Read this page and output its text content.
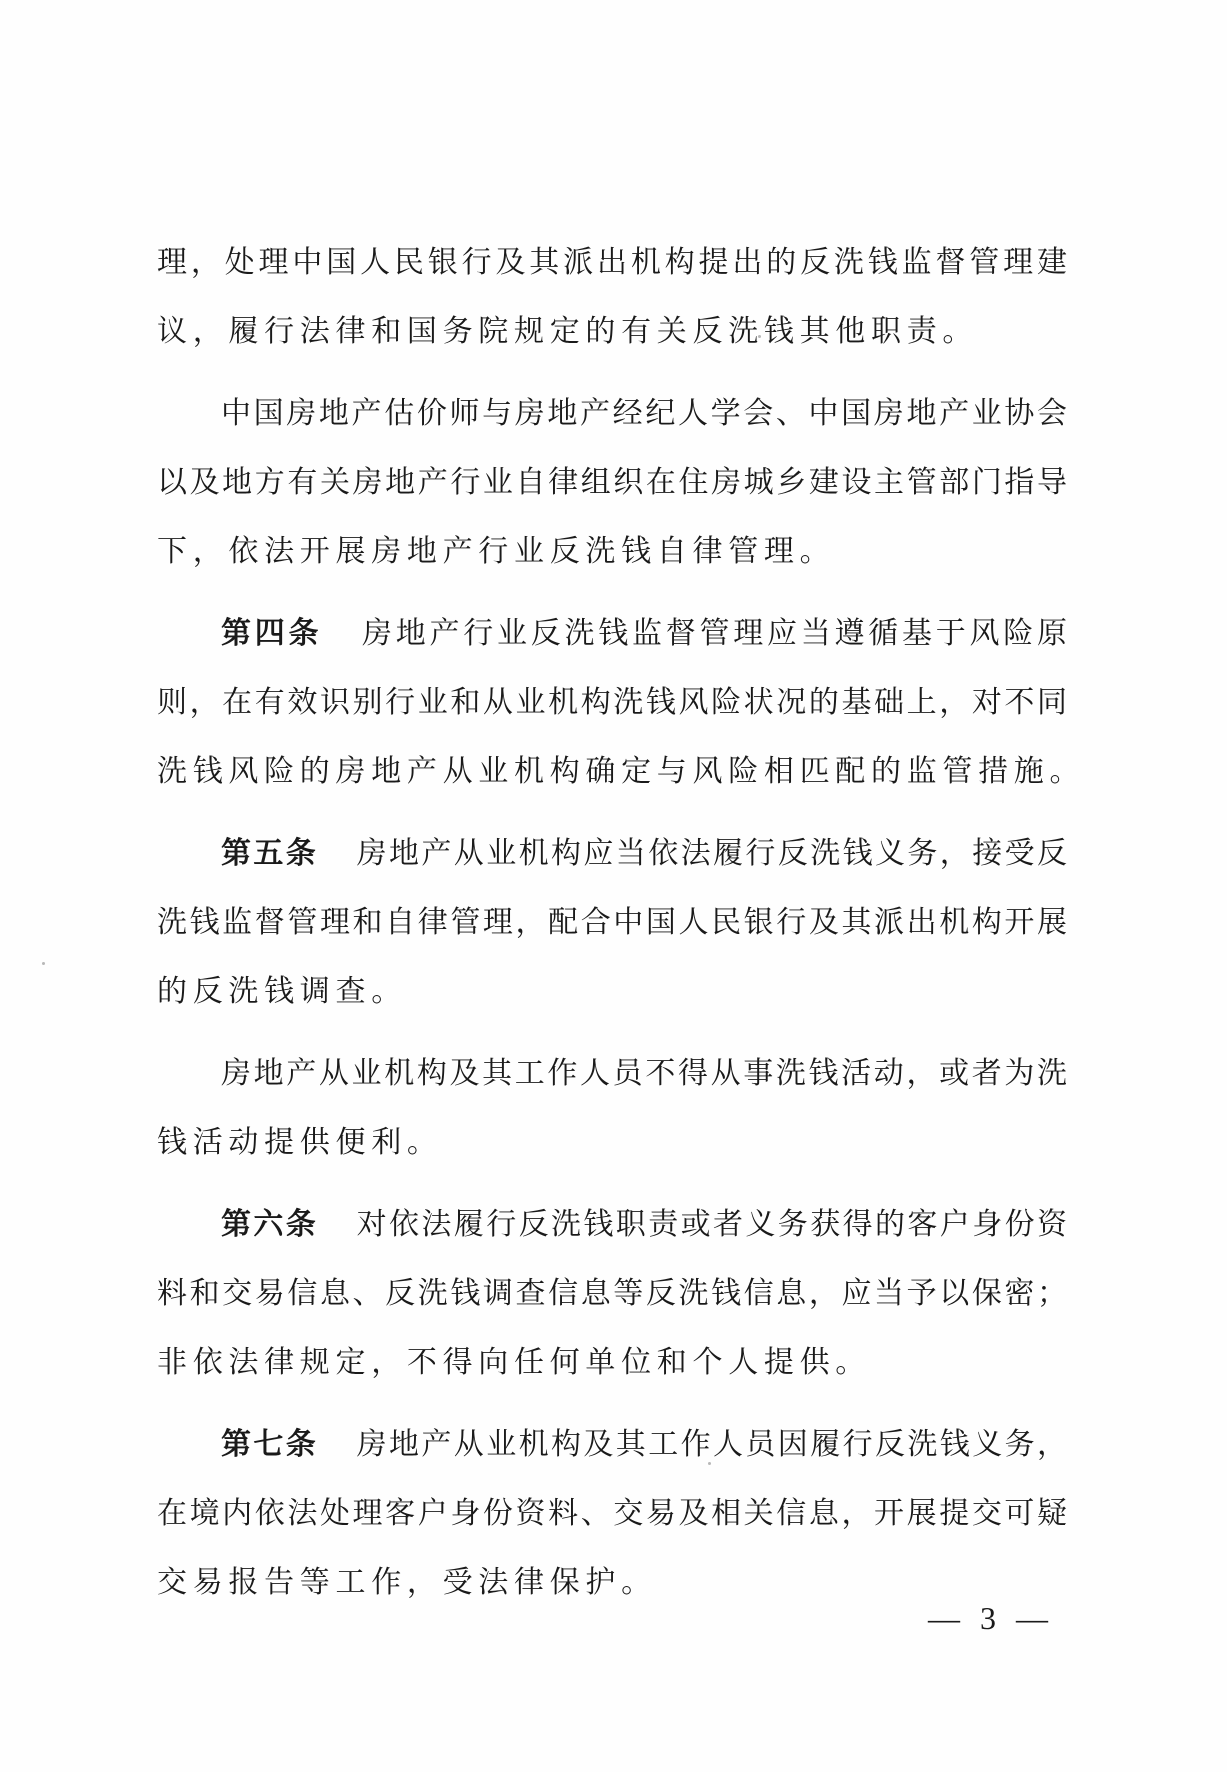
理，处理中国人民银行及其派出机构提出的反洗钱监督管理建
议，履行法律和国务院规定的有关反洗钱其他职责。
中国房地产估价师与房地产经纪人学会、中国房地产业协会
以及地方有关房地产行业自律组织在住房城乡建设主管部门指导
下，依法开展房地产行业反洗钱自律管理。
第四条 房地产行业反洗钱监督管理应当遵循基于风险原
则，在有效识别行业和从业机构洗钱风险状况的基础上，对不同
洗钱风险的房地产从业机构确定与风险相匹配的监管措施。
第五条 房地产从业机构应当依法履行反洗钱义务，接受反
洗钱监督管理和自律管理，配合中国人民银行及其派出机构开展
的反洗钱调查。
房地产从业机构及其工作人员不得从事洗钱活动，或者为洗
钱活动提供便利。
第六条 对依法履行反洗钱职责或者义务获得的客户身份资
料和交易信息、反洗钱调查信息等反洗钱信息，应当予以保密；
非依法律规定，不得向任何单位和个人提供。
第七条 房地产从业机构及其工作人员因履行反洗钱义务，
在境内依法处理客户身份资料、交易及相关信息，开展提交可疑
交易报告等工作，受法律保护。
— 3 —
